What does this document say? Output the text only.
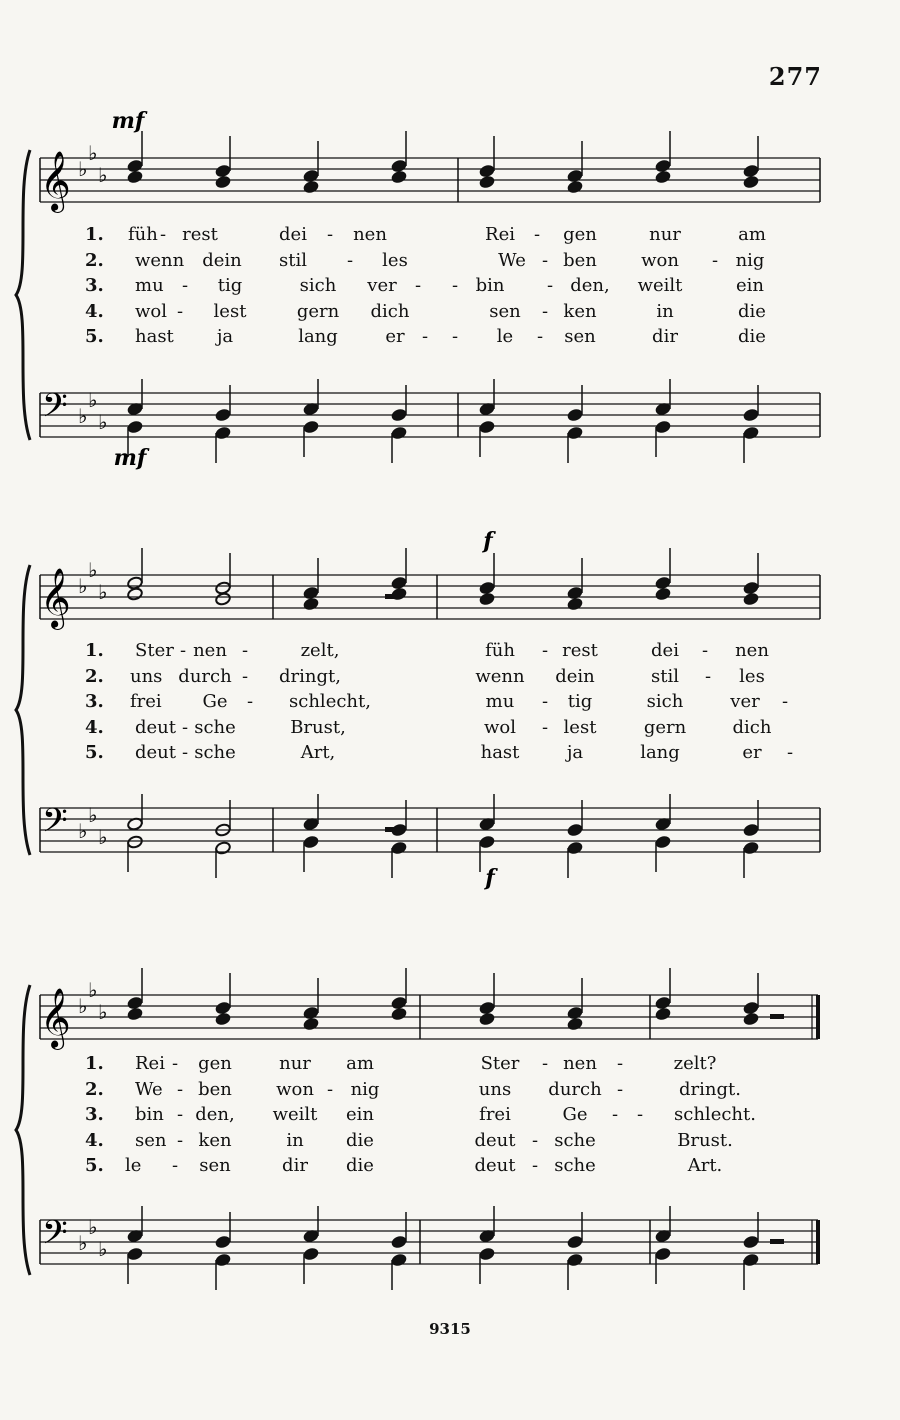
277
𝄞
𝄢
♭
♭
♭
♭
♭
♭
mf
mf
1. füh - rest	dei - nen	Rei - gen	nur	am
2. wenn dein stil - les	We - ben won - nig
3. mu - tig	sich ver - - bin - den, weilt	ein
4. wol - lest	gern dich	sen - ken	in	die
5. hast ja	lang	er - - le - sen	dir	die
𝄞
𝄢
♭
♭
♭
♭
♭
♭
f
f
1. Ster - nen -	zelt,	füh - rest	dei - nen
2. uns durch - dringt,	wenn dein	stil - les
3. frei Ge - schlecht,	mu - tig	sich	ver -
4. deut - sche	Brust,	wol - lest	gern	dich
5. deut - sche	Art,	hast	ja	lang	er -
𝄞
𝄢
♭
♭
♭
♭
♭
♭
1. Rei - gen	nur am	Ster - nen -	zelt?
2. We - ben won - nig	uns durch -	dringt.
3. bin - den, weilt ein	frei	Ge - - schlecht.
4. sen - ken	in die	deut - sche	Brust.
5. le - sen	dir die	deut - sche	Art.
9315
